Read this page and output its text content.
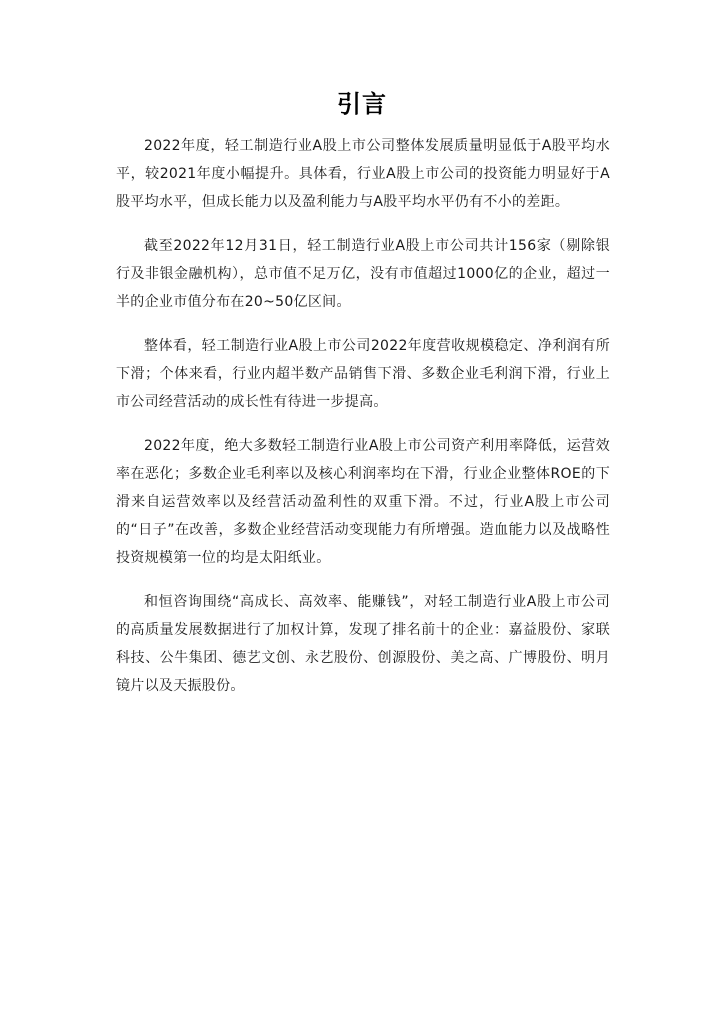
引言

2022年度，轻工制造行业A股上市公司整体发展质量明显低于A股平均水平，较2021年度小幅提升。具体看，行业A股上市公司的投资能力明显好于A股平均水平，但成长能力以及盈利能力与A股平均水平仍有不小的差距。

截至2022年12月31日，轻工制造行业A股上市公司共计156家（剔除银行及非银金融机构），总市值不足万亿，没有市值超过1000亿的企业，超过一半的企业市值分布在20~50亿区间。

整体看，轻工制造行业A股上市公司2022年度营收规模稳定、净利润有所下滑；个体来看，行业内超半数产品销售下滑、多数企业毛利润下滑，行业上市公司经营活动的成长性有待进一步提高。

2022年度，绝大多数轻工制造行业A股上市公司资产利用率降低，运营效率在恶化；多数企业毛利率以及核心利润率均在下滑，行业企业整体ROE的下滑来自运营效率以及经营活动盈利性的双重下滑。不过，行业A股上市公司的“日子”在改善，多数企业经营活动变现能力有所增强。造血能力以及战略性投资规模第一位的均是太阳纸业。

和恒咨询围绕“高成长、高效率、能赚钱”，对轻工制造行业A股上市公司的高质量发展数据进行了加权计算，发现了排名前十的企业：嘉益股份、家联科技、公牛集团、德艺文创、永艺股份、创源股份、美之高、广博股份、明月镜片以及天振股份。
